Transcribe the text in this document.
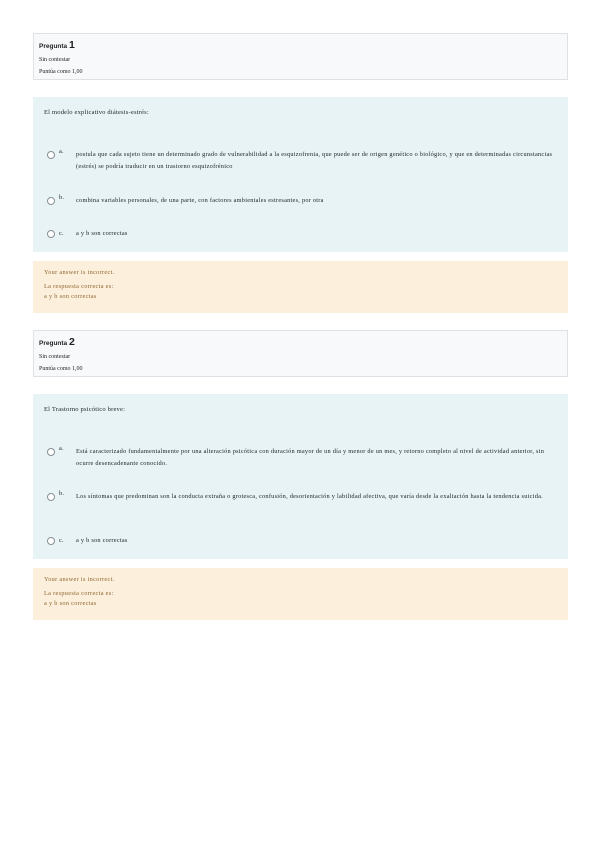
Pregunta 1
Sin contestar
Puntúa como 1,00
El modelo explicativo diátesis-estrés:
a. postula que cada sujeto tiene un determinado grado de vulnerabilidad a la esquizofrenia, que puede ser de origen genético o biológico, y que en determinadas circunstancias (estrés) se podría traducir en un trastorno esquizofrénico
b. combina variables personales, de una parte, con factores ambientales estresantes, por otra
c. a y b son correctas
Your answer is incorrect.
La respuesta correcta es:
a y b son correctas
Pregunta 2
Sin contestar
Puntúa como 1,00
El Trastorno psicótico breve:
a. Está caracterizado fundamentalmente por una alteración psicótica con duración mayor de un día y menor de un mes, y retorno completo al nivel de actividad anterior, sin ocurre desencadenante conocido.
b. Los síntomas que predominan son la conducta extraña o grotesca, confusión, desorientación y labilidad afectiva, que varía desde la exaltación hasta la tendencia suicida.
c. a y b son correctas
Your answer is incorrect.
La respuesta correcta es:
a y b son correctas
